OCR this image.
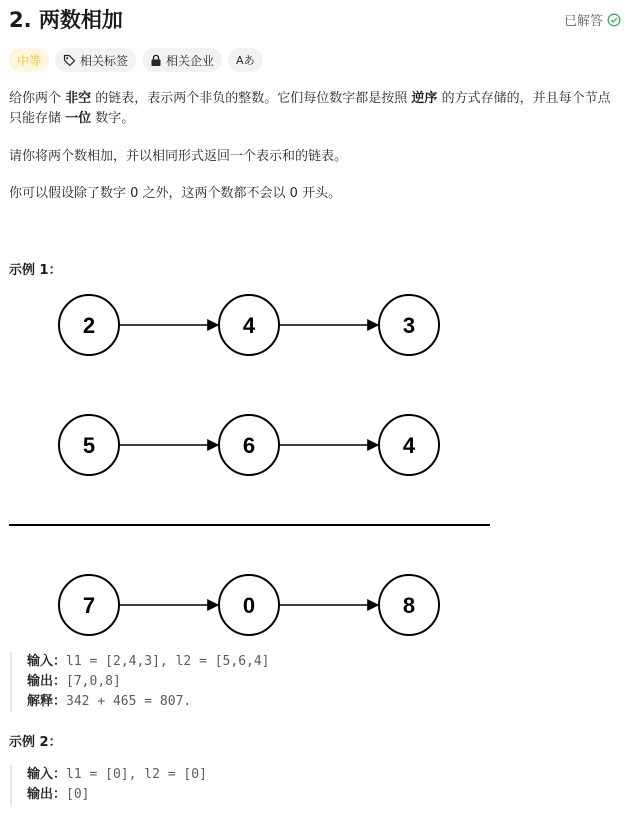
2. 两数相加	已解答
中等	相关标签	相关企业 Aあ

给你两个 非空 的链表，表示两个非负的整数。它们每位数字都是按照 逆序 的方式存储的，并且每个节点只能存储 一位 数字。

请你将两个数相加，并以相同形式返回一个表示和的链表。

你可以假设除了数字 0 之外，这两个数都不会以 0 开头。

示例 1：
2	4	3
5	6	4
7	0	8
输入：l1 = [2,4,3], l2 = [5,6,4]
输出：[7,0,8]
解释：342 + 465 = 807.
示例 2：
输入：l1 = [0], l2 = [0]
输出：[0]
